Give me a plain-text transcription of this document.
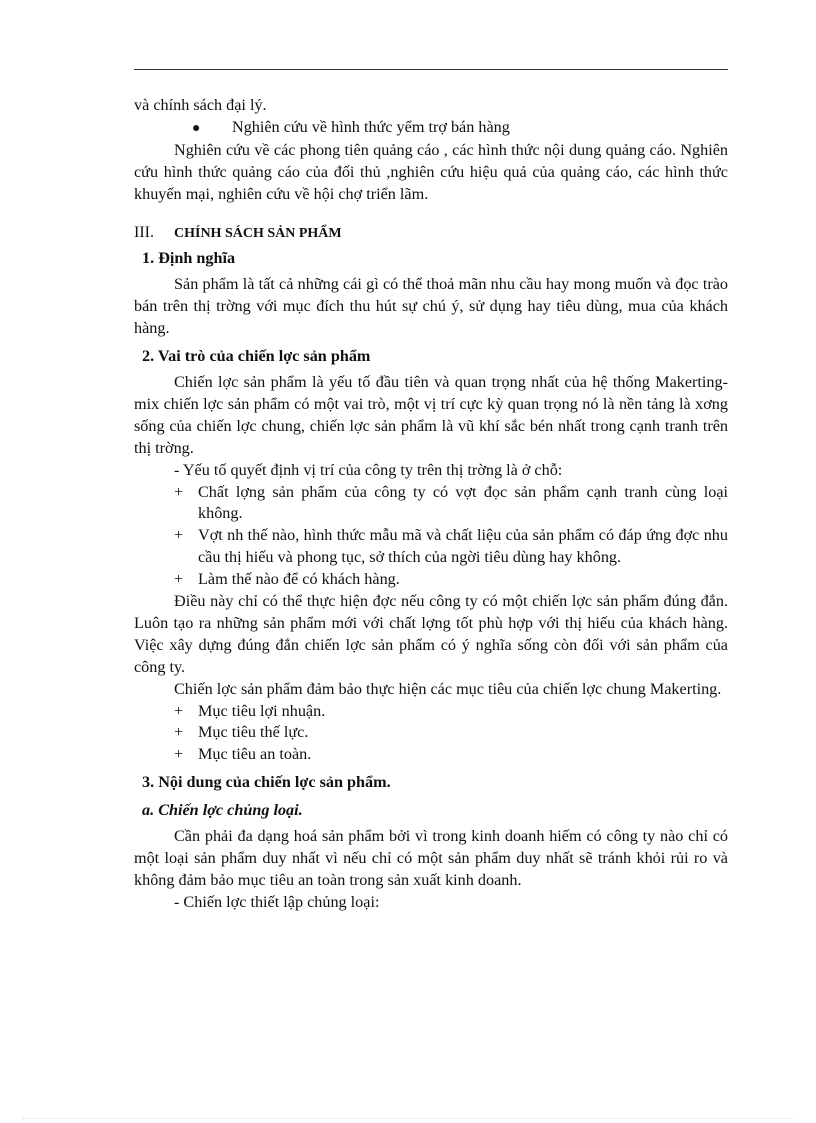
và chính sách đại lý.

●	Nghiên cứu về hình thức yểm trợ bán hàng

Nghiên cứu về các phong tiên quảng cáo , các hình thức nội dung quảng cáo. Nghiên cứu hình thức quảng cáo của đối thủ ,nghiên cứu hiệu quả của quảng cáo, các hình thức khuyến mại, nghiên cứu về hội chợ triển lãm.

III.	CHÍNH SÁCH SẢN PHẨM
1. Định nghĩa

Sản phẩm là tất cả những cái gì có thể thoả mãn nhu cầu hay mong muốn và đọc trào bán trên thị trờng với mục đích thu hút sự chú ý, sử dụng hay tiêu dùng, mua của khách hàng.

2. Vai trò của chiến lợc sản phẩm

Chiến lợc sản phẩm là yếu tố đầu tiên và quan trọng nhất của hệ thống Makerting-mix chiến lợc sản phẩm có một vai trò, một vị trí cực kỳ quan trọng nó là nền tảng là xơng sống của chiến lợc chung, chiến lợc sản phẩm là vũ khí sắc bén nhất trong cạnh tranh trên thị trờng.

- Yếu tố quyết định vị trí của công ty trên thị trờng là ở chỗ:
+ Chất lợng sản phẩm của công ty có vợt đọc sản phẩm cạnh tranh cùng loại không.
+ Vợt nh thế nào, hình thức mẫu mã và chất liệu của sản phẩm có đáp ứng đợc nhu cầu thị hiếu và phong tục, sở thích của ngời tiêu dùng hay không.
+ Làm thế nào để có khách hàng.

Điều này chỉ có thể thực hiện đợc nếu công ty có một chiến lợc sản phẩm đúng đắn. Luôn tạo ra những sản phẩm mới với chất lợng tốt phù hợp với thị hiếu của khách hàng. Việc xây dựng đúng đắn chiến lợc sản phẩm có ý nghĩa sống còn đối với sản phẩm của công ty.

Chiến lợc sản phẩm đảm bảo thực hiện các mục tiêu của chiến lợc chung Makerting.

+ Mục tiêu lợi nhuận.
+ Mục tiêu thế lực.
+ Mục tiêu an toàn.
3. Nội dung của chiến lợc sản phẩm.
a. Chiến lợc chủng loại.

Cần phải đa dạng hoá sản phẩm bởi vì trong kinh doanh hiếm có công ty nào chỉ có một loại sản phẩm duy nhất vì nếu chỉ có một sản phẩm duy nhất sẽ tránh khỏi rủi ro và không đảm bảo mục tiêu an toàn trong sản xuất kinh doanh.

- Chiến lợc thiết lập chủng loại:
